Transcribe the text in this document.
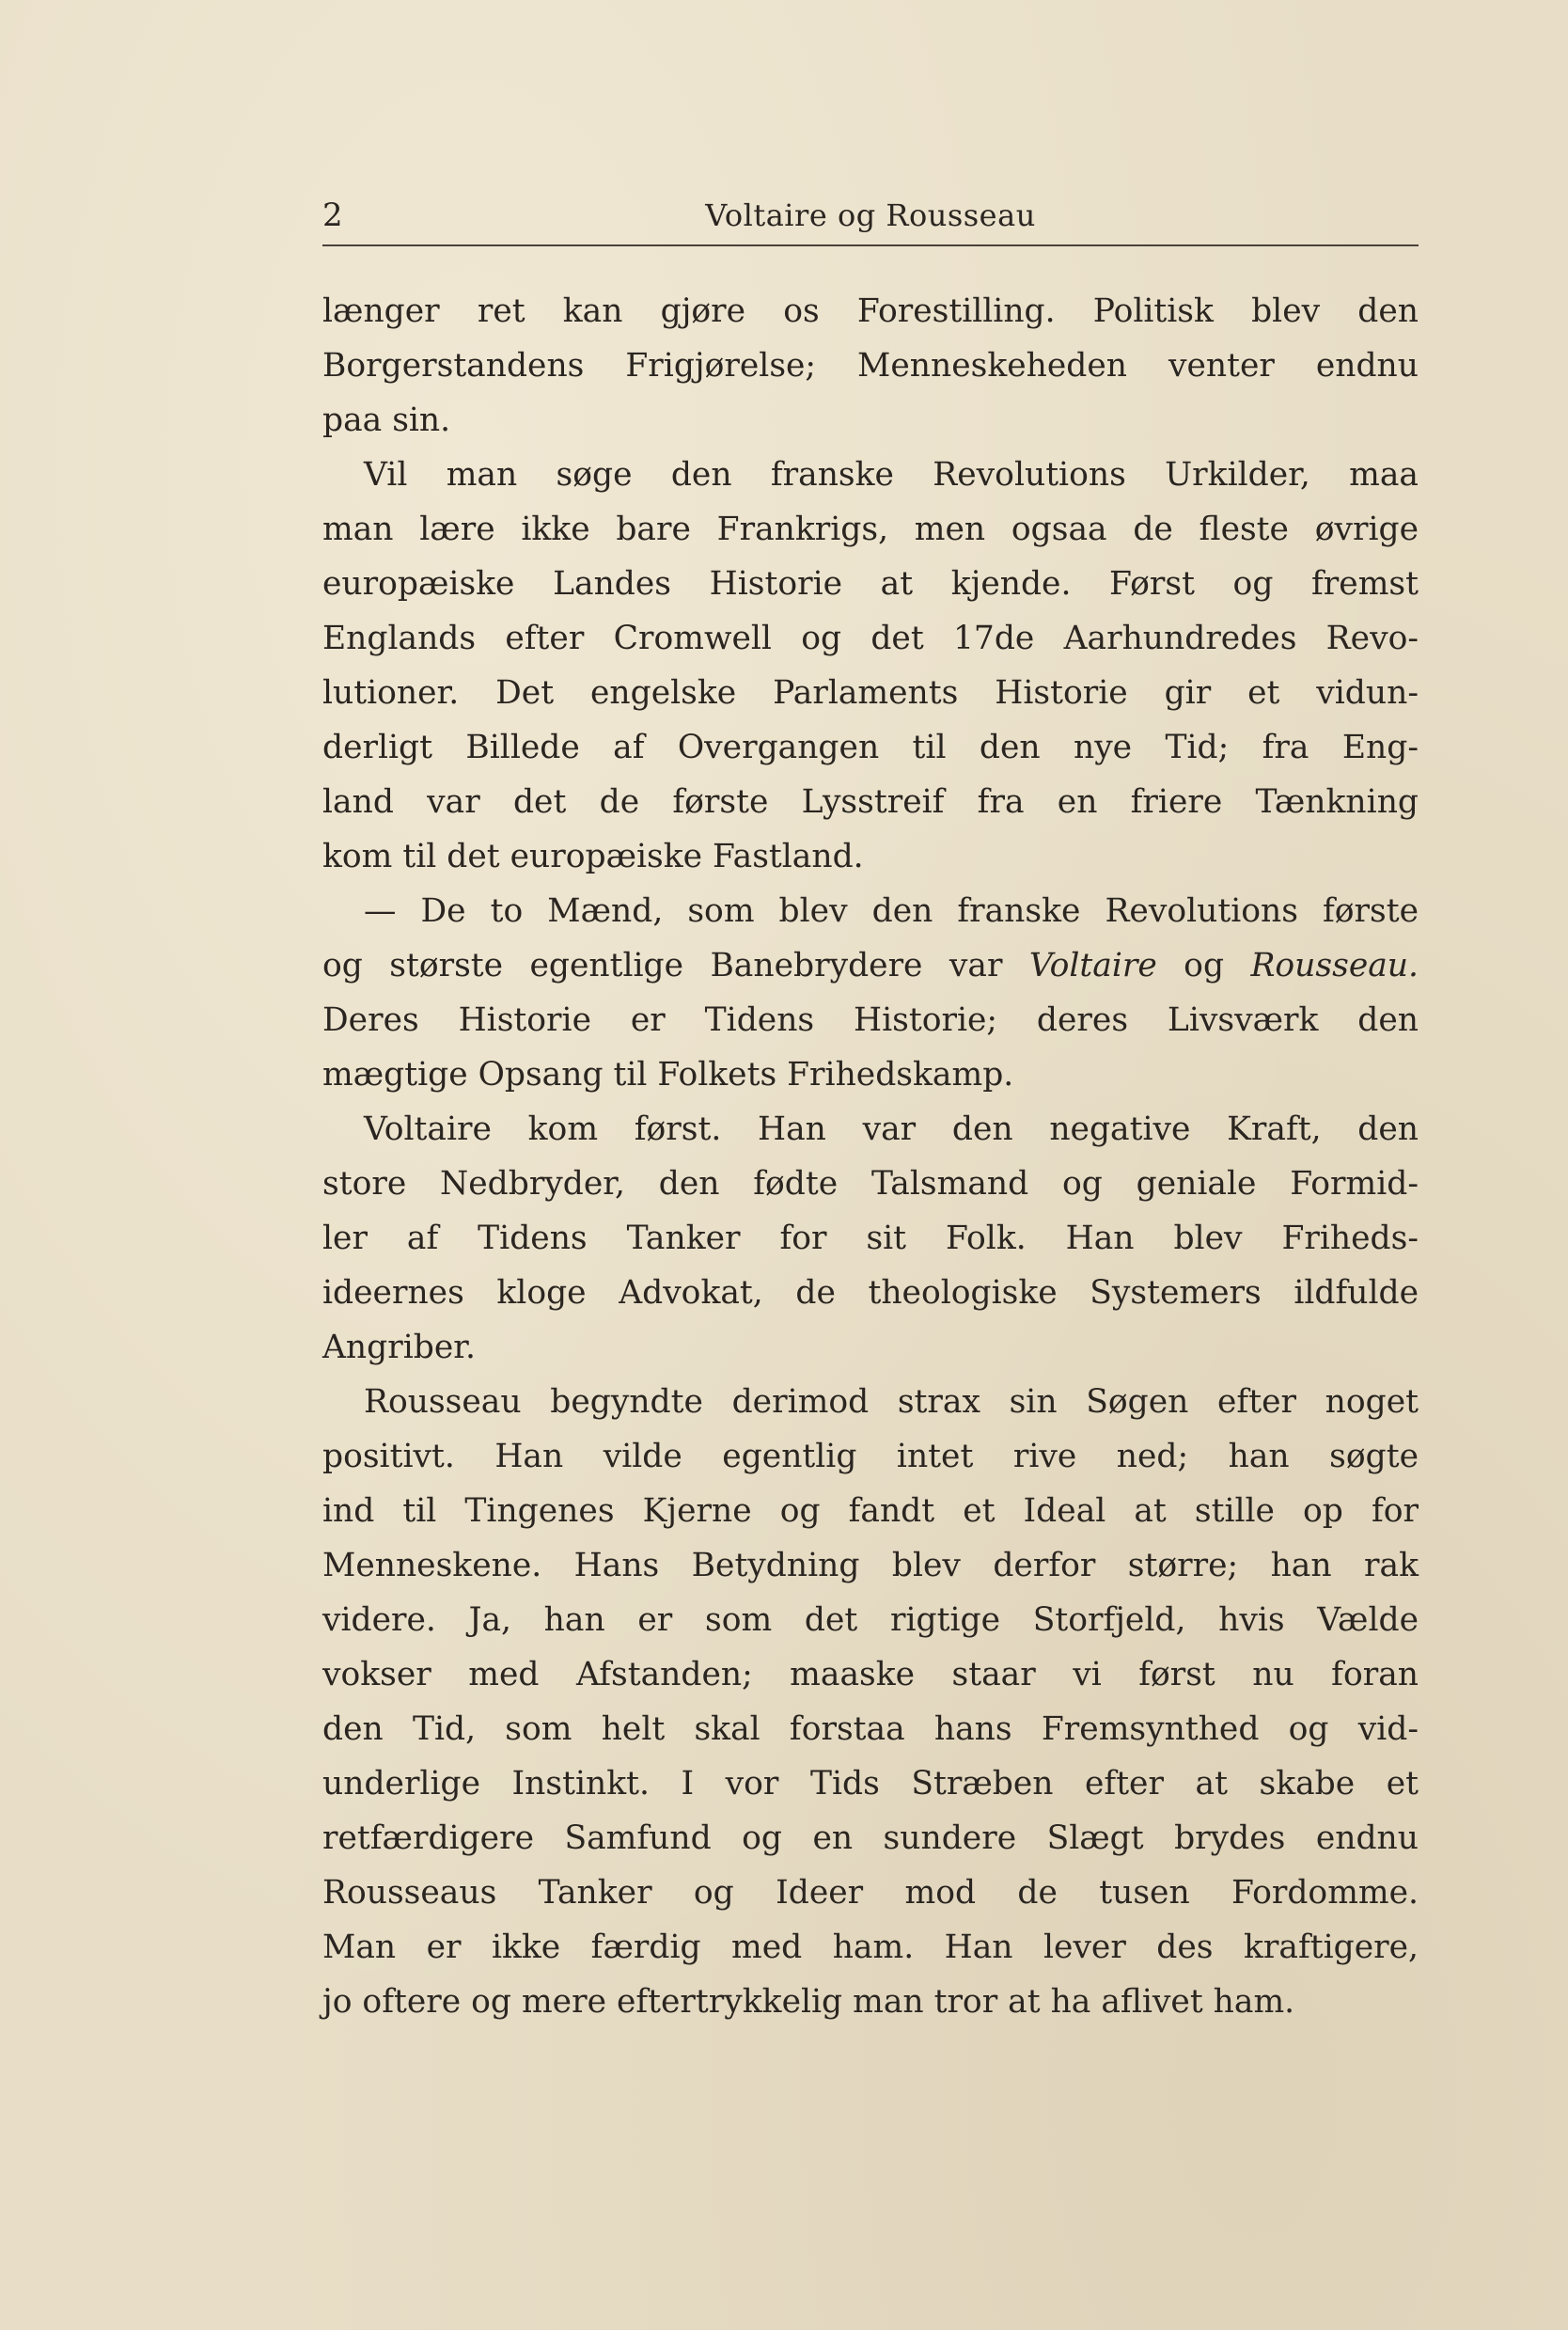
2	Voltaire og Rousseau
længer ret kan gjøre os Forestilling. Politisk blev den
Borgerstandens Frigjørelse; Menneskeheden venter endnu
paa sin.
Vil man søge den franske Revolutions Urkilder, maa
man lære ikke bare Frankrigs, men ogsaa de fleste øvrige
europæiske Landes Historie at kjende. Først og fremst
Englands efter Cromwell og det 17de Aarhundredes Revo-
lutioner. Det engelske Parlaments Historie gir et vidun-
derligt Billede af Overgangen til den nye Tid; fra Eng-
land var det de første Lysstreif fra en friere Tænkning
kom til det europæiske Fastland.
— De to Mænd, som blev den franske Revolutions første
og største egentlige Banebrydere var Voltaire og Rousseau.
Deres Historie er Tidens Historie; deres Livsværk den
mægtige Opsang til Folkets Frihedskamp.
Voltaire kom først. Han var den negative Kraft, den
store Nedbryder, den fødte Talsmand og geniale Formid-
ler af Tidens Tanker for sit Folk. Han blev Friheds-
ideernes kloge Advokat, de theologiske Systemers ildfulde
Angriber.
Rousseau begyndte derimod strax sin Søgen efter noget
positivt. Han vilde egentlig intet rive ned; han søgte
ind til Tingenes Kjerne og fandt et Ideal at stille op for
Menneskene. Hans Betydning blev derfor større; han rak
videre. Ja, han er som det rigtige Storfjeld, hvis Vælde
vokser med Afstanden; maaske staar vi først nu foran
den Tid, som helt skal forstaa hans Fremsynthed og vid-
underlige Instinkt. I vor Tids Stræben efter at skabe et
retfærdigere Samfund og en sundere Slægt brydes endnu
Rousseaus Tanker og Ideer mod de tusen Fordomme.
Man er ikke færdig med ham. Han lever des kraftigere,
jo oftere og mere eftertrykkelig man tror at ha aflivet ham.
